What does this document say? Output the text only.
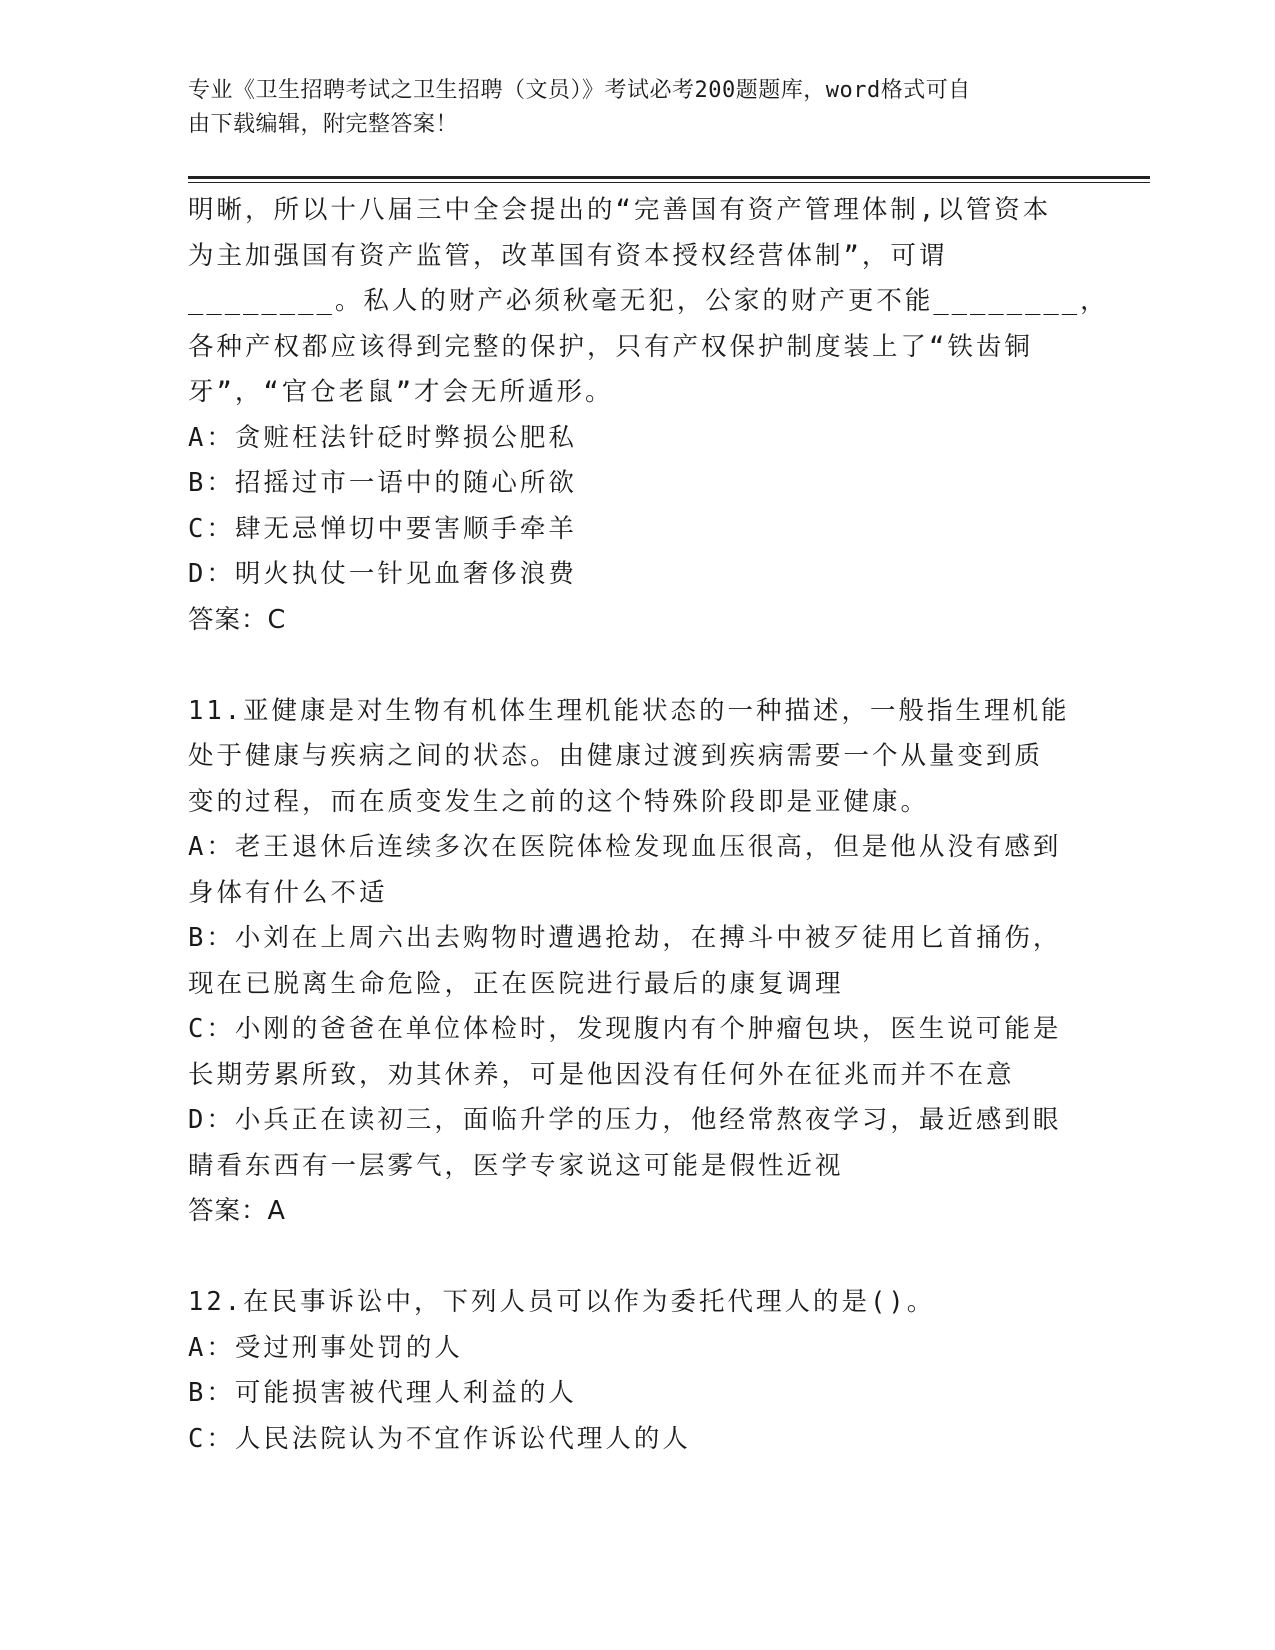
专业《卫生招聘考试之卫生招聘（文员）》考试必考200题题库，word格式可自
由下载编辑，附完整答案！
明晰，所以十八届三中全会提出的“完善国有资产管理体制,以管资本
为主加强国有资产监管，改革国有资本授权经营体制”，可谓
________。私人的财产必须秋毫无犯，公家的财产更不能________，
各种产权都应该得到完整的保护，只有产权保护制度装上了“铁齿铜
牙”，“官仓老鼠”才会无所遁形。
A：贪赃枉法针砭时弊损公肥私
B：招摇过市一语中的随心所欲
C：肆无忌惮切中要害顺手牵羊
D：明火执仗一针见血奢侈浪费
答案：C
11.亚健康是对生物有机体生理机能状态的一种描述，一般指生理机能
处于健康与疾病之间的状态。由健康过渡到疾病需要一个从量变到质
变的过程，而在质变发生之前的这个特殊阶段即是亚健康。
A：老王退休后连续多次在医院体检发现血压很高，但是他从没有感到
身体有什么不适
B：小刘在上周六出去购物时遭遇抢劫，在搏斗中被歹徒用匕首捅伤，
现在已脱离生命危险，正在医院进行最后的康复调理
C：小刚的爸爸在单位体检时，发现腹内有个肿瘤包块，医生说可能是
长期劳累所致，劝其休养，可是他因没有任何外在征兆而并不在意
D：小兵正在读初三，面临升学的压力，他经常熬夜学习，最近感到眼
睛看东西有一层雾气，医学专家说这可能是假性近视
答案：A
12.在民事诉讼中，下列人员可以作为委托代理人的是()。
A：受过刑事处罚的人
B：可能损害被代理人利益的人
C：人民法院认为不宜作诉讼代理人的人
